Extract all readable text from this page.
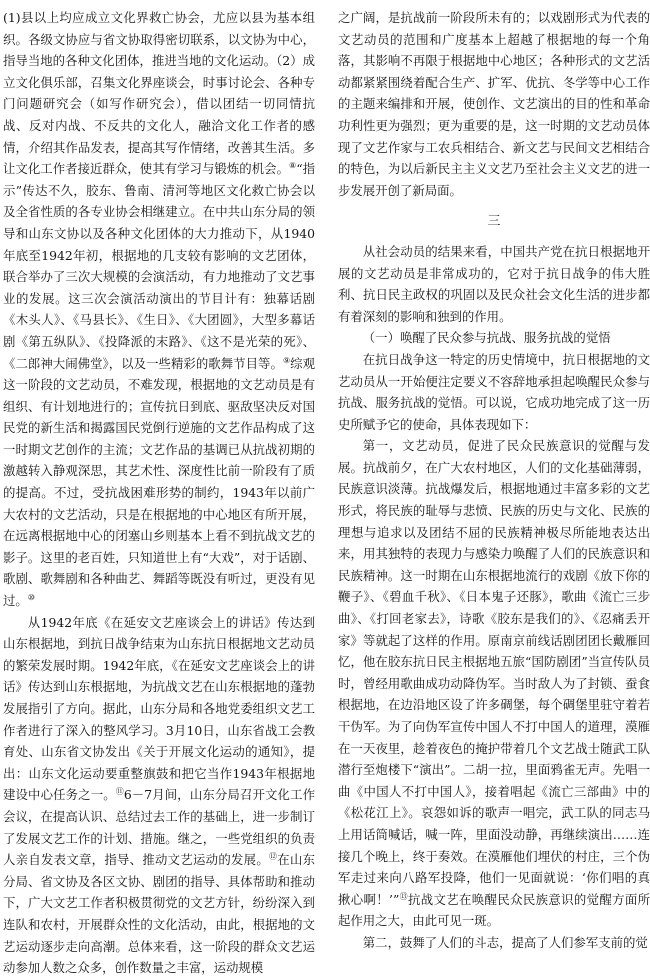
(1)县以上均应成立文化界救亡协会，尤应以县为基本组织。各级文协应与省文协取得密切联系，以文协为中心，指导当地的各种文化团体，推进当地的文化运动。（2）成立文化俱乐部，召集文化界座谈会，时事讨论会、各种专门问题研究会（如写作研究会），借以团结一切同情抗战、反对内战、不反共的文化人，融洽文化工作者的感情，介绍其作品发表，提高其写作情绪，改善其生活。多让文化工作者接近群众，使其有学习与锻炼的机会。⑧“指示”传达不久，胶东、鲁南、清河等地区文化救亡协会以及全省性质的各专业协会相继建立。在中共山东分局的领导和山东文协以及各种文化团体的大力推动下，从1940年底至1942年初，根据地的几支较有影响的文艺团体，联合举办了三次大规模的会演活动，有力地推动了文艺事业的发展。这三次会演活动演出的节目计有：独幕话剧《木头人》、《马县长》、《生日》、《大团圆》，大型多幕话剧《第五纵队》、《投降派的末路》、《这不是光荣的死》、《二郎神大闹佛堂》，以及一些精彩的歌舞节目等。⑨综观这一阶段的文艺动员，不难发现，根据地的文艺动员是有组织、有计划地进行的；宣传抗日到底、驱敌坚决反对国民党的新生活和揭露国民党倒行逆施的文艺作品构成了这一时期文艺创作的主流；文艺作品的基调已从抗战初期的激越转入静观深思，其艺术性、深度性比前一阶段有了质的提高。不过，受抗战困难形势的制约，1943年以前广大农村的文艺活动，只是在根据地的中心地区有所开展，在远离根据地中心的闭塞山乡则基本上看不到抗战文艺的影子。这里的老百姓，只知道世上有“大戏”，对于话剧、歌剧、歌舞剧和各种曲艺、舞蹈等既没有听过，更没有见过。⑩

从1942年底《在延安文艺座谈会上的讲话》传达到山东根据地，到抗日战争结束为山东抗日根据地文艺动员的繁荣发展时期。1942年底，《在延安文艺座谈会上的讲话》传达到山东根据地，为抗战文艺在山东根据地的蓬勃发展指引了方向。据此，山东分局和各地党委组织文艺工作者进行了深入的整风学习。3月10日，山东省战工会教育处、山东省文协发出《关于开展文化运动的通知》，提出：山东文化运动要重整旗鼓和把它当作1943年根据地建设中心任务之一。⑪6－7月间，山东分局召开文化工作会议，在提高认识、总结过去工作的基础上，进一步制订了发展文艺工作的计划、措施。继之，一些党组织的负责人亲自发表文章，指导、推动文艺运动的发展。⑫在山东分局、省文协及各区文协、剧团的指导、具体帮助和推动下，广大文艺工作者积极贯彻党的文艺方针，纷纷深入到连队和农村，开展群众性的文化活动，由此，根据地的文艺运动逐步走向高潮。总体来看，这一阶段的群众文艺运动参加人数之众多，创作数量之丰富，运动规模

之广阔，是抗战前一阶段所未有的；以戏剧形式为代表的文艺动员的范围和广度基本上超越了根据地的每一个角落，其影响不再限于根据地中心地区；各种形式的文艺活动都紧紧围绕着配合生产、扩军、优抗、冬学等中心工作的主题来编排和开展，使创作、文艺演出的目的性和革命功利性更为强烈；更为重要的是，这一时期的文艺动员体现了文艺作家与工农兵相结合、新文艺与民间文艺相结合的特色，为以后新民主主义文艺乃至社会主义文艺的进一步发展开创了新局面。

三

从社会动员的结果来看，中国共产党在抗日根据地开展的文艺动员是非常成功的，它对于抗日战争的伟大胜利、抗日民主政权的巩固以及民众社会文化生活的进步都有着深刻的影响和独到的作用。

（一）唤醒了民众参与抗战、服务抗战的觉悟

在抗日战争这一特定的历史情境中，抗日根据地的文艺动员从一开始便注定要义不容辞地承担起唤醒民众参与抗战、服务抗战的觉悟。可以说，它成功地完成了这一历史所赋予它的使命，具体表现如下：

第一，文艺动员，促进了民众民族意识的觉醒与发展。抗战前夕，在广大农村地区，人们的文化基础薄弱，民族意识淡薄。抗战爆发后，根据地通过丰富多彩的文艺形式，将民族的耻辱与悲愤、民族的历史与文化、民族的理想与追求以及团结不屈的民族精神极尽所能地表达出来，用其独特的表现力与感染力唤醒了人们的民族意识和民族精神。这一时期在山东根据地流行的戏剧《放下你的鞭子》、《碧血千秋》、《日本鬼子还豚》，歌曲《流亡三步曲》、《打回老家去》，诗歌《胶东是我们的》、《忍痛丢开家》等就起了这样的作用。原南京前线话剧团团长戴雁回忆，他在胶东抗日民主根据地五旅“国防剧团”当宣传队员时，曾经用歌曲成功动降伪军。当时敌人为了封锁、蚕食根据地，在边沿地区设了许多碉堡，每个碉堡里驻守着若干伪军。为了向伪军宣传中国人不打中国人的道理，漠雁在一天夜里，趁着夜色的掩护带着几个文艺战士随武工队潜行至炮楼下“演出”。二胡一拉，里面鸦雀无声。先唱一曲《中国人不打中国人》，接着唱起《流亡三部曲》中的《松花江上》。哀怨如诉的歌声一唱完，武工队的同志马上用话筒喊话，喊一阵，里面没动静，再继续演出……连接几个晚上，终于奏效。在漠雁他们埋伏的村庄，三个伪军走过来向八路军投降，他们一见面就说：‘你们唱的真揪心啊！’”⑬抗战文艺在唤醒民众民族意识的觉醒方面所起作用之大，由此可见一斑。

第二，鼓舞了人们的斗志，提高了人们参军支前的觉
